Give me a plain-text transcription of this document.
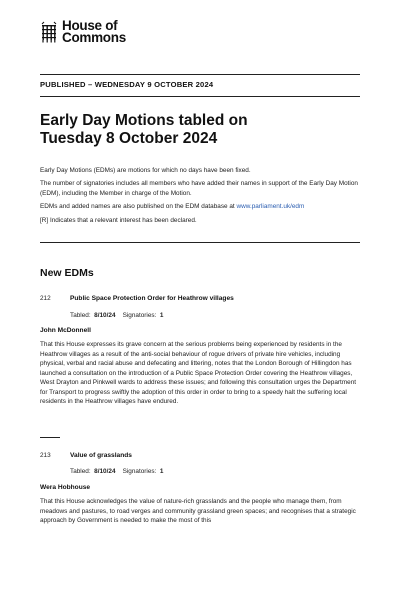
House of
Commons
PUBLISHED – WEDNESDAY 9 OCTOBER 2024
Early Day Motions tabled on
Tuesday 8 October 2024

Early Day Motions (EDMs) are motions for which no days have been fixed.

The number of signatories includes all members who have added their names in support of the Early Day Motion (EDM), including the Member in charge of the Motion.

EDMs and added names are also published on the EDM database at www.parliament.uk/edm

[R] Indicates that a relevant interest has been declared.

New EDMs
212	Public Space Protection Order for Heathrow villages
Tabled: 8/10/24 Signatories: 1
John McDonnell
That this House expresses its grave concern at the serious problems being experienced by residents in the Heathrow villages as a result of the anti-social behaviour of rogue drivers of private hire vehicles, including physical, verbal and racial abuse and defecating and littering, notes that the London Borough of Hillingdon has launched a consultation on the introduction of a Public Space Protection Order covering the Heathrow villages, West Drayton and Pinkwell wards to address these issues; and following this consultation urges the Department for Transport to progress swiftly the adoption of this order in order to bring to a speedy halt the suffering local residents in the Heathrow villages have endured.
213	Value of grasslands
Tabled: 8/10/24 Signatories: 1
Wera Hobhouse
That this House acknowledges the value of nature-rich grasslands and the people who manage them, from meadows and pastures, to road verges and community grassland green spaces; and recognises that a strategic approach by Government is needed to make the most of this
